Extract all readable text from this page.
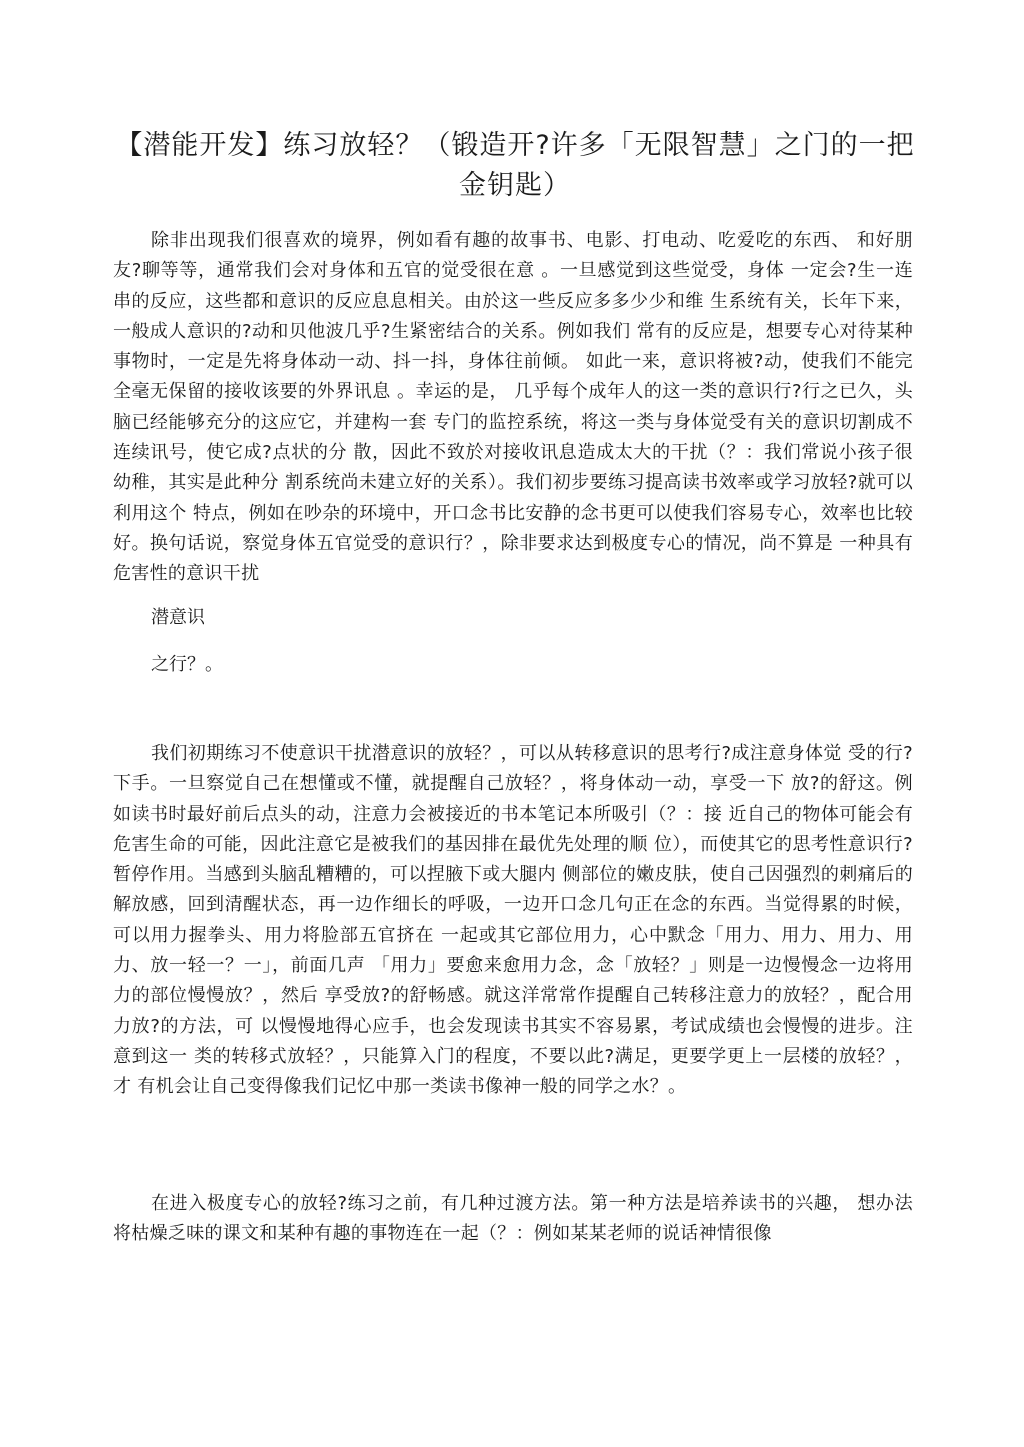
【潜能开发】练习放轻？（锻造开?许多「无限智慧」之门的一把金钥匙）

除非出现我们很喜欢的境界，例如看有趣的故事书、电影、打电动、吃爱吃的东西、 和好朋友?聊等等，通常我们会对身体和五官的觉受很在意 。一旦感觉到这些觉受，身体 一定会?生一连串的反应，这些都和意识的反应息息相关。由於这一些反应多多少少和维 生系统有关，长年下来，一般成人意识的?动和贝他波几乎?生紧密结合的关系。例如我们 常有的反应是，想要专心对待某种事物时，一定是先将身体动一动、抖一抖，身体往前倾。 如此一来，意识将被?动，使我们不能完全毫无保留的接收该要的外界讯息 。幸运的是， 几乎每个成年人的这一类的意识行?行之已久，头脑已经能够充分的这应它，并建构一套 专门的监控系统，将这一类与身体觉受有关的意识切割成不连续讯号，使它成?点状的分 散，因此不致於对接收讯息造成太大的干扰（？：我们常说小孩子很幼稚，其实是此种分 割系统尚未建立好的关系）。我们初步要练习提高读书效率或学习放轻?就可以利用这个 特点，例如在吵杂的环境中，开口念书比安静的念书更可以使我们容易专心，效率也比较 好。换句话说，察觉身体五官觉受的意识行？，除非要求达到极度专心的情况，尚不算是 一种具有危害性的意识干扰

潜意识

之行？。

我们初期练习不使意识干扰潜意识的放轻？，可以从转移意识的思考行?成注意身体觉 受的行?下手。一旦察觉自己在想懂或不懂，就提醒自己放轻？，将身体动一动，享受一下 放?的舒这。例如读书时最好前后点头的动，注意力会被接近的书本笔记本所吸引（？：接 近自己的物体可能会有危害生命的可能，因此注意它是被我们的基因排在最优先处理的顺 位），而使其它的思考性意识行?暂停作用。当感到头脑乱糟糟的，可以捏腋下或大腿内 侧部位的嫩皮肤，使自己因强烈的刺痛后的解放感，回到清醒状态，再一边作细长的呼吸，一边开口念几句正在念的东西。当觉得累的时候，可以用力握拳头、用力将脸部五官挤在 一起或其它部位用力，心中默念「用力、用力、用力、用力、放一轻一？一」，前面几声 「用力」要愈来愈用力念，念「放轻？」则是一边慢慢念一边将用力的部位慢慢放？，然后 享受放?的舒畅感。就这洋常常作提醒自己转移注意力的放轻？，配合用力放?的方法，可 以慢慢地得心应手，也会发现读书其实不容易累，考试成绩也会慢慢的进步。注意到这一 类的转移式放轻？，只能算入门的程度，不要以此?满足，更要学更上一层楼的放轻？，才 有机会让自己变得像我们记忆中那一类读书像神一般的同学之水？。

在进入极度专心的放轻?练习之前，有几种过渡方法。第一种方法是培养读书的兴趣， 想办法将枯燥乏味的课文和某种有趣的事物连在一起（？：例如某某老师的说话神情很像
